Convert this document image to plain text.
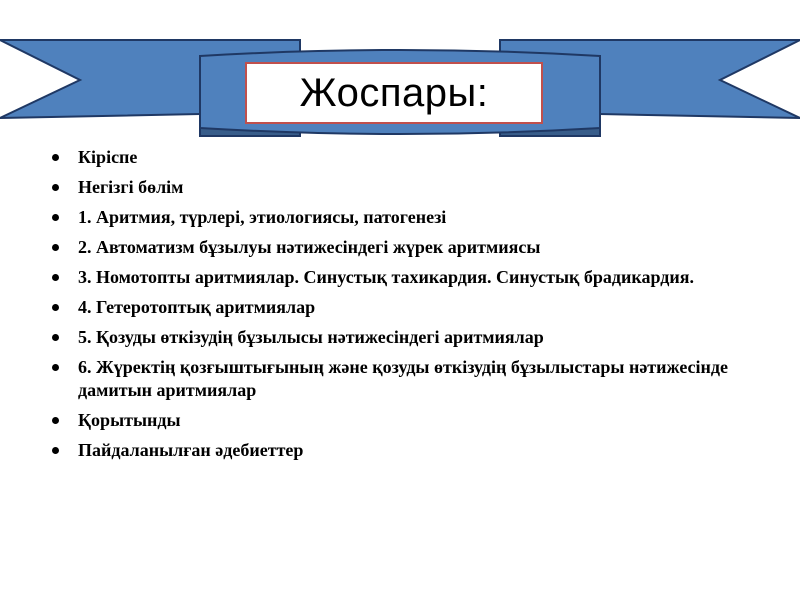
Жоспары:
Кіріспе
Негізгі бөлім
1. Аритмия, түрлері, этиологиясы, патогенезі
2. Автоматизм бұзылуы нәтижесіндегі жүрек аритмиясы
3. Номотопты аритмиялар. Синустық тахикардия. Синустық брадикардия.
4. Гетеротоптық аритмиялар
5. Қозуды өткізудің бұзылысы нәтижесіндегі аритмиялар
6. Жүректің қозғыштығының және қозуды өткізудің бұзылыстары нәтижесінде дамитын аритмиялар
Қорытынды
Пайдаланылған әдебиеттер
